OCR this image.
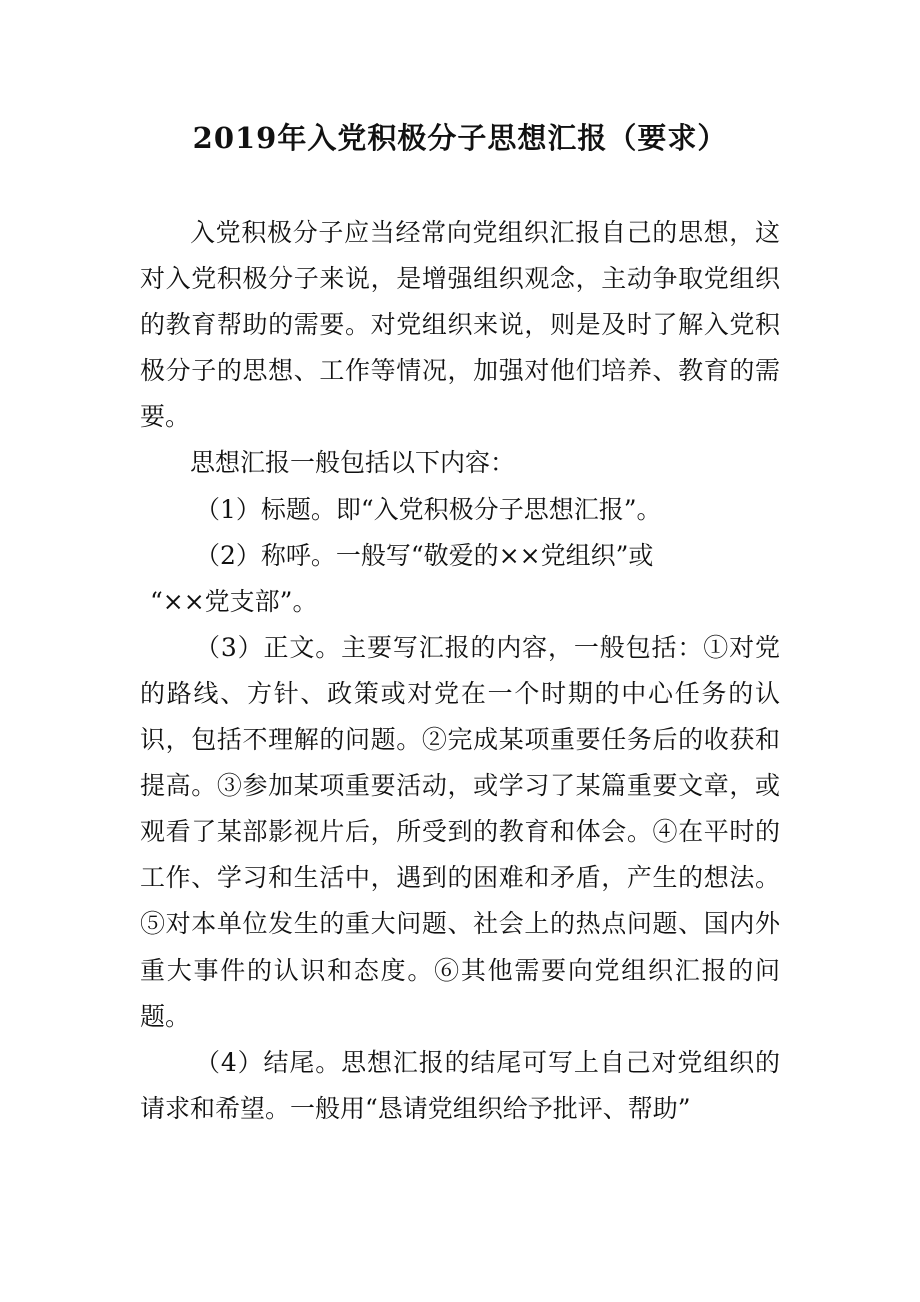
2019年入党积极分子思想汇报（要求）

入党积极分子应当经常向党组织汇报自己的思想，这对入党积极分子来说，是增强组织观念，主动争取党组织的教育帮助的需要。对党组织来说，则是及时了解入党积极分子的思想、工作等情况，加强对他们培养、教育的需要。

思想汇报一般包括以下内容：

（1）标题。即“入党积极分子思想汇报”。

（2）称呼。一般写“敬爱的××党组织”或

“××党支部”。

（3）正文。主要写汇报的内容，一般包括：①对党的路线、方针、政策或对党在一个时期的中心任务的认识，包括不理解的问题。②完成某项重要任务后的收获和提高。③参加某项重要活动，或学习了某篇重要文章，或观看了某部影视片后，所受到的教育和体会。④在平时的工作、学习和生活中，遇到的困难和矛盾，产生的想法。⑤对本单位发生的重大问题、社会上的热点问题、国内外重大事件的认识和态度。⑥其他需要向党组织汇报的问题。

（4）结尾。思想汇报的结尾可写上自己对党组织的请求和希望。一般用“恳请党组织给予批评、帮助”
